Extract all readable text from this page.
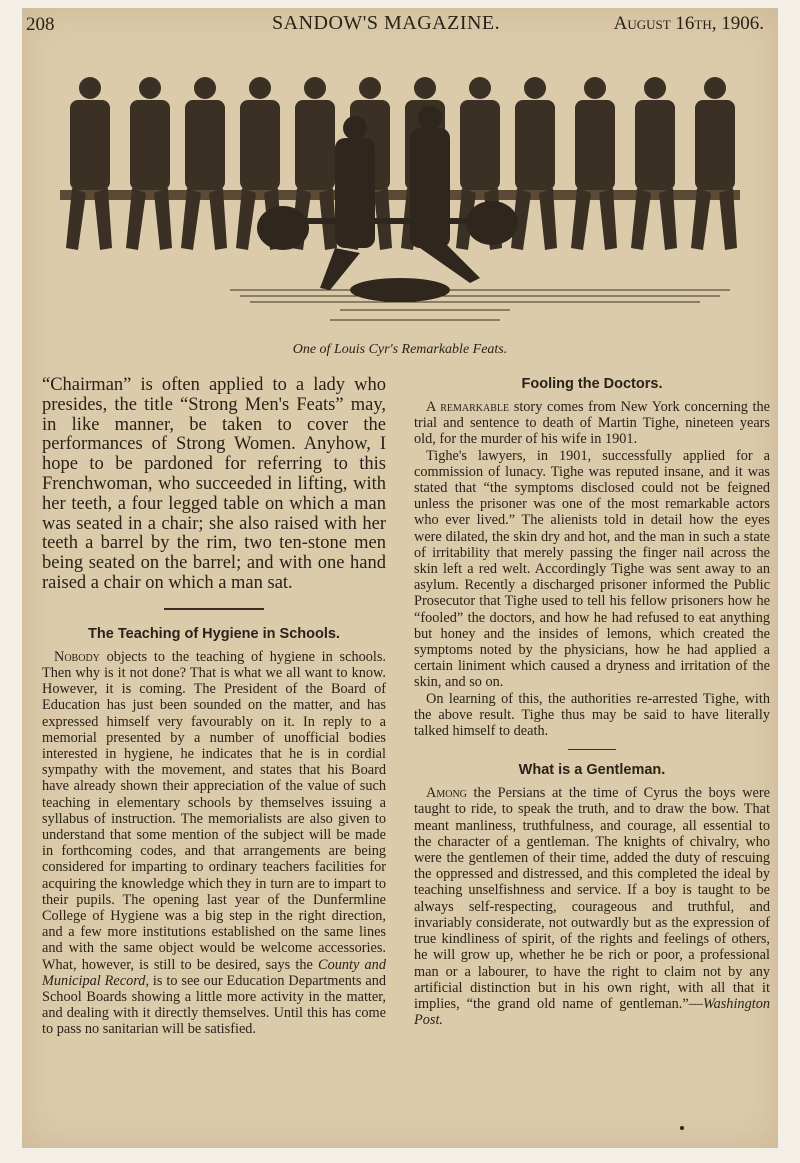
208	SANDOW'S MAGAZINE.	August 16th, 1906.
One of Louis Cyr's Remarkable Feats.

“Chairman” is often applied to a lady who presides, the title “Strong Men's Feats” may, in like manner, be taken to cover the performances of Strong Women. Anyhow, I hope to be pardoned for referring to this Frenchwoman, who succeeded in lifting, with her teeth, a four legged table on which a man was seated in a chair; she also raised with her teeth a barrel by the rim, two ten-stone men being seated on the barrel; and with one hand raised a chair on which a man sat.

The Teaching of Hygiene in Schools.

Nobody objects to the teaching of hygiene in schools. Then why is it not done? That is what we all want to know. However, it is coming. The President of the Board of Education has just been sounded on the matter, and has expressed himself very favourably on it. In reply to a memorial presented by a number of unofficial bodies interested in hygiene, he indicates that he is in cordial sympathy with the movement, and states that his Board have already shown their appreciation of the value of such teaching in elementary schools by themselves issuing a syllabus of instruction. The memorialists are also given to understand that some mention of the subject will be made in forthcoming codes, and that arrangements are being considered for imparting to ordinary teachers facilities for acquiring the knowledge which they in turn are to impart to their pupils. The opening last year of the Dunfermline College of Hygiene was a big step in the right direction, and a few more institutions established on the same lines and with the same object would be welcome accessories. What, however, is still to be desired, says the County and Municipal Record, is to see our Education Departments and School Boards showing a little more activity in the matter, and dealing with it directly themselves. Until this has come to pass no sanitarian will be satisfied.

Fooling the Doctors.

A remarkable story comes from New York concerning the trial and sentence to death of Martin Tighe, nineteen years old, for the murder of his wife in 1901.

Tighe's lawyers, in 1901, successfully applied for a commission of lunacy. Tighe was reputed insane, and it was stated that “the symptoms disclosed could not be feigned unless the prisoner was one of the most remarkable actors who ever lived.” The alienists told in detail how the eyes were dilated, the skin dry and hot, and the man in such a state of irritability that merely passing the finger nail across the skin left a red welt. Accordingly Tighe was sent away to an asylum. Recently a discharged prisoner informed the Public Prosecutor that Tighe used to tell his fellow prisoners how he “fooled” the doctors, and how he had refused to eat anything but honey and the insides of lemons, which created the symptoms noted by the physicians, how he had applied a certain liniment which caused a dryness and irritation of the skin, and so on.

On learning of this, the authorities re-arrested Tighe, with the above result. Tighe thus may be said to have literally talked himself to death.

What is a Gentleman.

Among the Persians at the time of Cyrus the boys were taught to ride, to speak the truth, and to draw the bow. That meant manliness, truthfulness, and courage, all essential to the character of a gentleman. The knights of chivalry, who were the gentlemen of their time, added the duty of rescuing the oppressed and distressed, and this completed the ideal by teaching unselfishness and service. If a boy is taught to be always self-respecting, courageous and truthful, and invariably considerate, not outwardly but as the expression of true kindliness of spirit, of the rights and feelings of others, he will grow up, whether he be rich or poor, a professional man or a labourer, to have the right to claim not by any artificial distinction but in his own right, with all that it implies, “the grand old name of gentleman.”—Washington Post.
